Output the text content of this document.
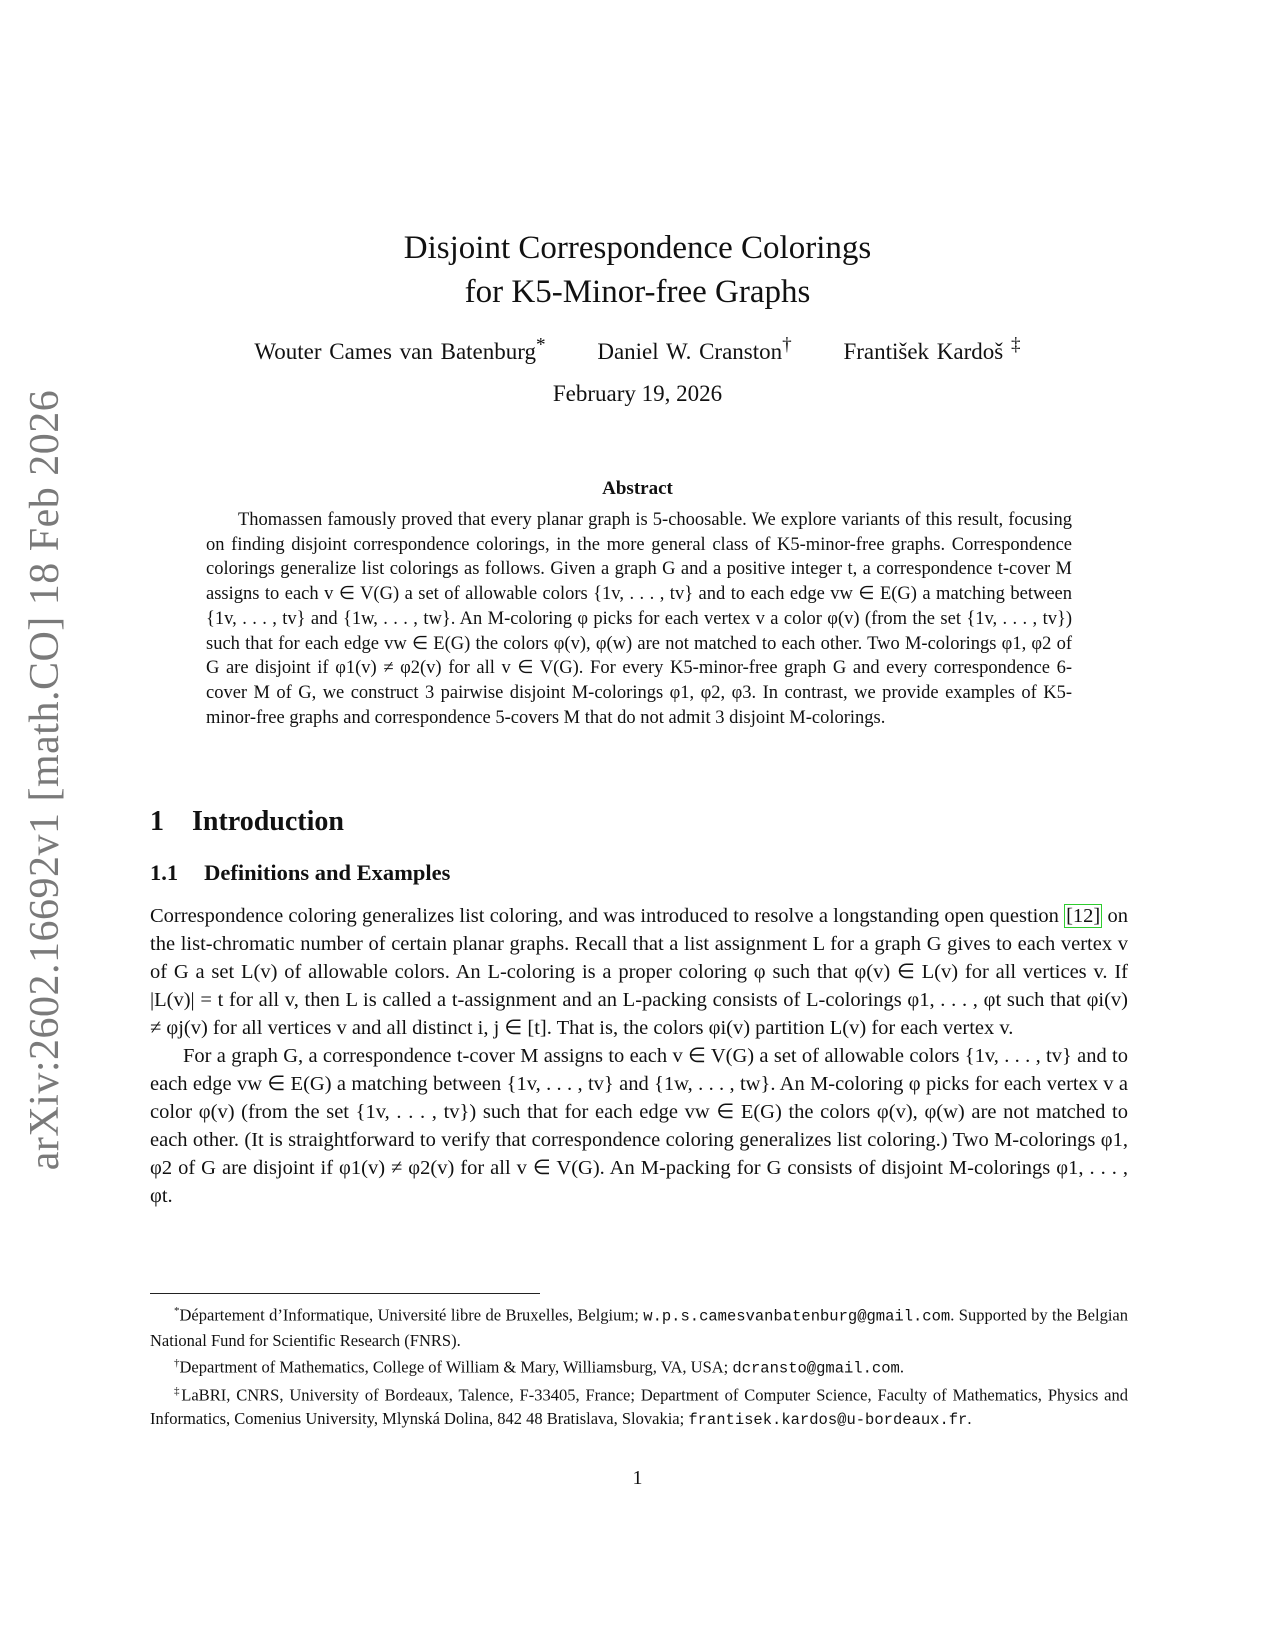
arXiv:2602.16692v1 [math.CO] 18 Feb 2026
Disjoint Correspondence Colorings
for K5-Minor-free Graphs
Wouter Cames van Batenburg* Daniel W. Cranston† František Kardoš ‡
February 19, 2026
Abstract
Thomassen famously proved that every planar graph is 5-choosable. We explore variants of this result, focusing on finding disjoint correspondence colorings, in the more general class of K5-minor-free graphs. Correspondence colorings generalize list colorings as follows. Given a graph G and a positive integer t, a correspondence t-cover M assigns to each v ∈ V(G) a set of allowable colors {1v, . . . , tv} and to each edge vw ∈ E(G) a matching between {1v, . . . , tv} and {1w, . . . , tw}. An M-coloring φ picks for each vertex v a color φ(v) (from the set {1v, . . . , tv}) such that for each edge vw ∈ E(G) the colors φ(v), φ(w) are not matched to each other. Two M-colorings φ1, φ2 of G are disjoint if φ1(v) ≠ φ2(v) for all v ∈ V(G). For every K5-minor-free graph G and every correspondence 6-cover M of G, we construct 3 pairwise disjoint M-colorings φ1, φ2, φ3. In contrast, we provide examples of K5-minor-free graphs and correspondence 5-covers M that do not admit 3 disjoint M-colorings.
1 Introduction
1.1 Definitions and Examples

Correspondence coloring generalizes list coloring, and was introduced to resolve a longstanding open question [12] on the list-chromatic number of certain planar graphs. Recall that a list assignment L for a graph G gives to each vertex v of G a set L(v) of allowable colors. An L-coloring is a proper coloring φ such that φ(v) ∈ L(v) for all vertices v. If |L(v)| = t for all v, then L is called a t-assignment and an L-packing consists of L-colorings φ1, . . . , φt such that φi(v) ≠ φj(v) for all vertices v and all distinct i, j ∈ [t]. That is, the colors φi(v) partition L(v) for each vertex v.

For a graph G, a correspondence t-cover M assigns to each v ∈ V(G) a set of allowable colors {1v, . . . , tv} and to each edge vw ∈ E(G) a matching between {1v, . . . , tv} and {1w, . . . , tw}. An M-coloring φ picks for each vertex v a color φ(v) (from the set {1v, . . . , tv}) such that for each edge vw ∈ E(G) the colors φ(v), φ(w) are not matched to each other. (It is straightforward to verify that correspondence coloring generalizes list coloring.) Two M-colorings φ1, φ2 of G are disjoint if φ1(v) ≠ φ2(v) for all v ∈ V(G). An M-packing for G consists of disjoint M-colorings φ1, . . . , φt.

*Département d’Informatique, Université libre de Bruxelles, Belgium; w.p.s.camesvanbatenburg@gmail.com. Supported by the Belgian National Fund for Scientific Research (FNRS).

†Department of Mathematics, College of William & Mary, Williamsburg, VA, USA; dcransto@gmail.com.

‡LaBRI, CNRS, University of Bordeaux, Talence, F-33405, France; Department of Computer Science, Faculty of Mathematics, Physics and Informatics, Comenius University, Mlynská Dolina, 842 48 Bratislava, Slovakia; frantisek.kardos@u-bordeaux.fr.

1
